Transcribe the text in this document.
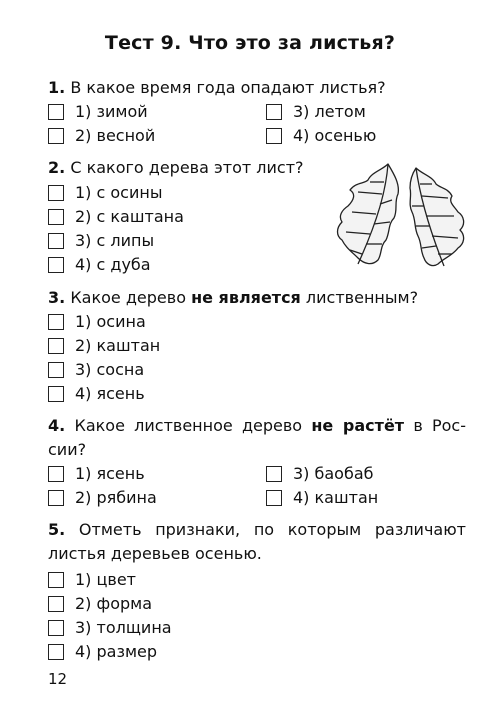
Тест 9. Что это за листья?
1. В какое время года опадают листья?
1) зимой
2) весной
3) летом
4) осенью
2. С какого дерева этот лист?
1) с осины
2) с каштана
3) с липы
4) с дуба
3. Какое дерево не является лиственным?
1) осина
2) каштан
3) сосна
4) ясень
4. Какое лиственное дерево не растёт в Рос-
сии?
1) ясень
2) рябина
3) баобаб
4) каштан
5. Отметь признаки, по которым различают
листья деревьев осенью.
1) цвет
2) форма
3) толщина
4) размер
12
